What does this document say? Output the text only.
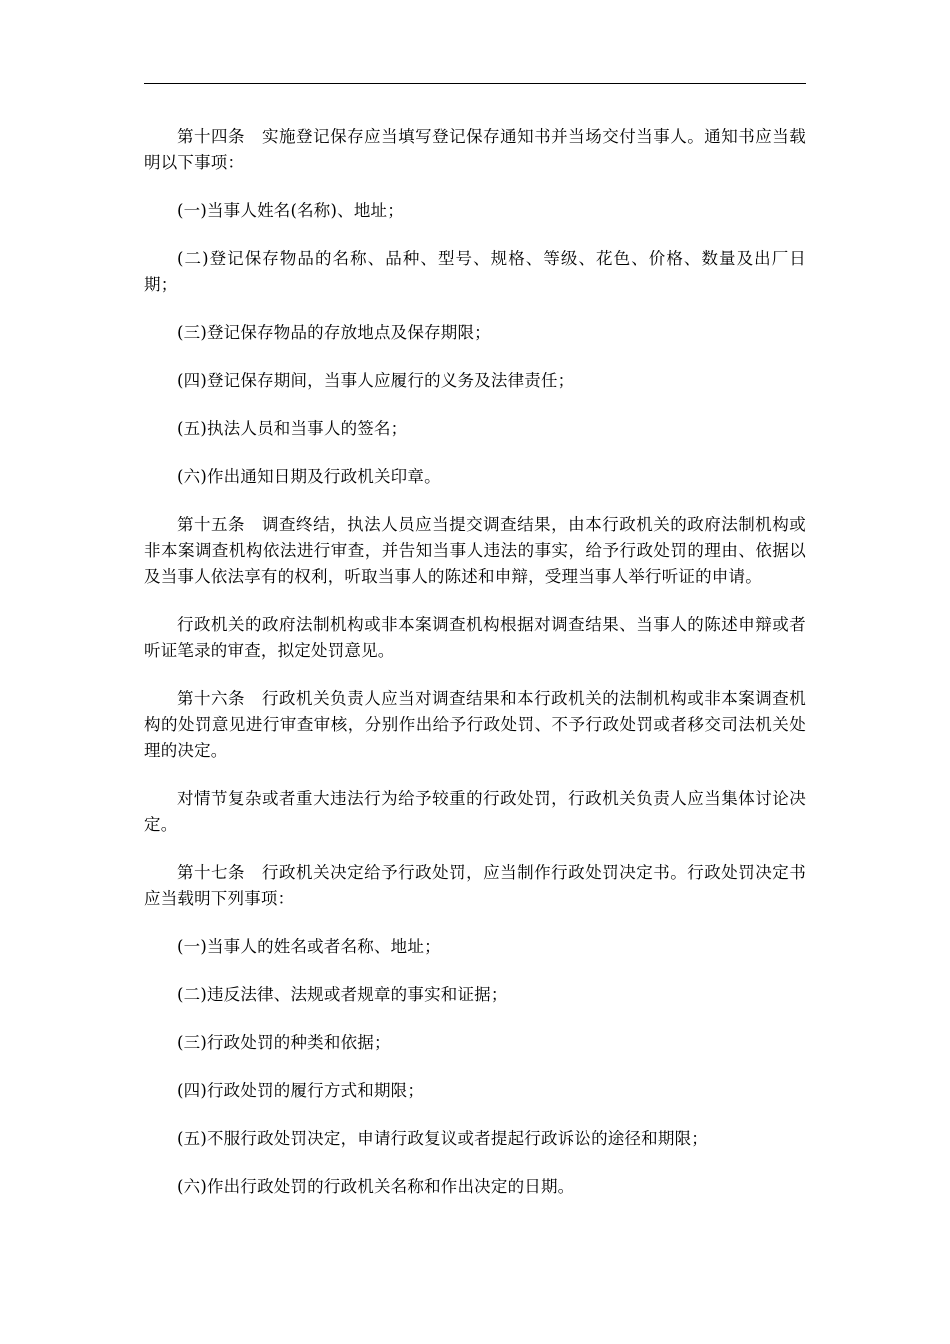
第十四条　实施登记保存应当填写登记保存通知书并当场交付当事人。通知书应当载明以下事项：

(一)当事人姓名(名称)、地址；

(二)登记保存物品的名称、品种、型号、规格、等级、花色、价格、数量及出厂日期；

(三)登记保存物品的存放地点及保存期限；

(四)登记保存期间，当事人应履行的义务及法律责任；

(五)执法人员和当事人的签名；

(六)作出通知日期及行政机关印章。

第十五条　调查终结，执法人员应当提交调查结果，由本行政机关的政府法制机构或非本案调查机构依法进行审查，并告知当事人违法的事实，给予行政处罚的理由、依据以及当事人依法享有的权利，听取当事人的陈述和申辩，受理当事人举行听证的申请。

行政机关的政府法制机构或非本案调查机构根据对调查结果、当事人的陈述申辩或者听证笔录的审查，拟定处罚意见。

第十六条　行政机关负责人应当对调查结果和本行政机关的法制机构或非本案调查机构的处罚意见进行审查审核，分别作出给予行政处罚、不予行政处罚或者移交司法机关处理的决定。

对情节复杂或者重大违法行为给予较重的行政处罚，行政机关负责人应当集体讨论决定。

第十七条　行政机关决定给予行政处罚，应当制作行政处罚决定书。行政处罚决定书应当载明下列事项：

(一)当事人的姓名或者名称、地址；

(二)违反法律、法规或者规章的事实和证据；

(三)行政处罚的种类和依据；

(四)行政处罚的履行方式和期限；

(五)不服行政处罚决定，申请行政复议或者提起行政诉讼的途径和期限；

(六)作出行政处罚的行政机关名称和作出决定的日期。
